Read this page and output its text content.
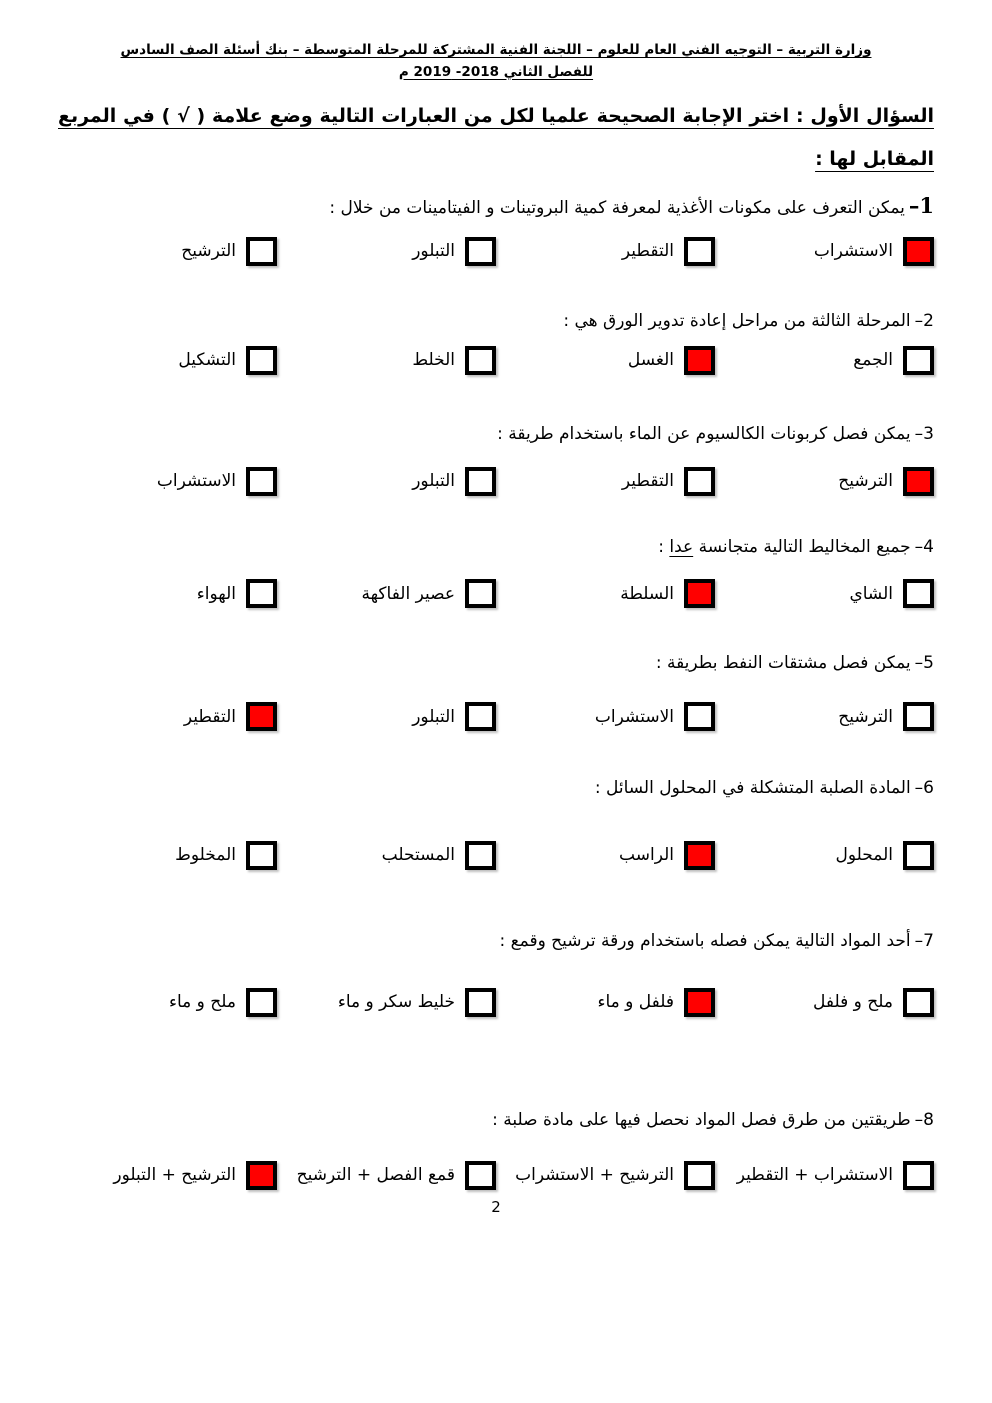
وزارة التربية – التوجيه الفني العام للعلوم – اللجنة الفنية المشتركة للمرحلة المتوسطة – بنك أسئلة الصف السادس
للفصل الثاني 2018- 2019 م
السؤال الأول : اختر الإجابة الصحيحة علميا لكل من العبارات التالية وضع علامة ( √ ) في المربع
المقابل لها :
1–يمكن التعرف على مكونات الأغذية لمعرفة كمية البروتينات و الفيتامينات من خلال :
الاستشراب
التقطير
التبلور
الترشيح
2–المرحلة الثالثة من مراحل إعادة تدوير الورق هي :
الجمع
الغسل
الخلط
التشكيل
3–يمكن فصل كربونات الكالسيوم عن الماء باستخدام طريقة :
الترشيح
التقطير
التبلور
الاستشراب
4–جميع المخاليط التالية متجانسة عدا :
الشاي
السلطة
عصير الفاكهة
الهواء
5–يمكن فصل مشتقات النفط بطريقة :
الترشيح
الاستشراب
التبلور
التقطير
6–المادة الصلبة المتشكلة في المحلول السائل :
المحلول
الراسب
المستحلب
المخلوط
7–أحد المواد التالية يمكن فصله باستخدام ورقة ترشيح وقمع :
ملح و فلفل
فلفل و ماء
خليط سكر و ماء
ملح و ماء
8–طريقتين من طرق فصل المواد نحصل فيها على مادة صلبة :
الاستشراب + التقطير
الترشيح + الاستشراب
قمع الفصل + الترشيح
الترشيح + التبلور
2
